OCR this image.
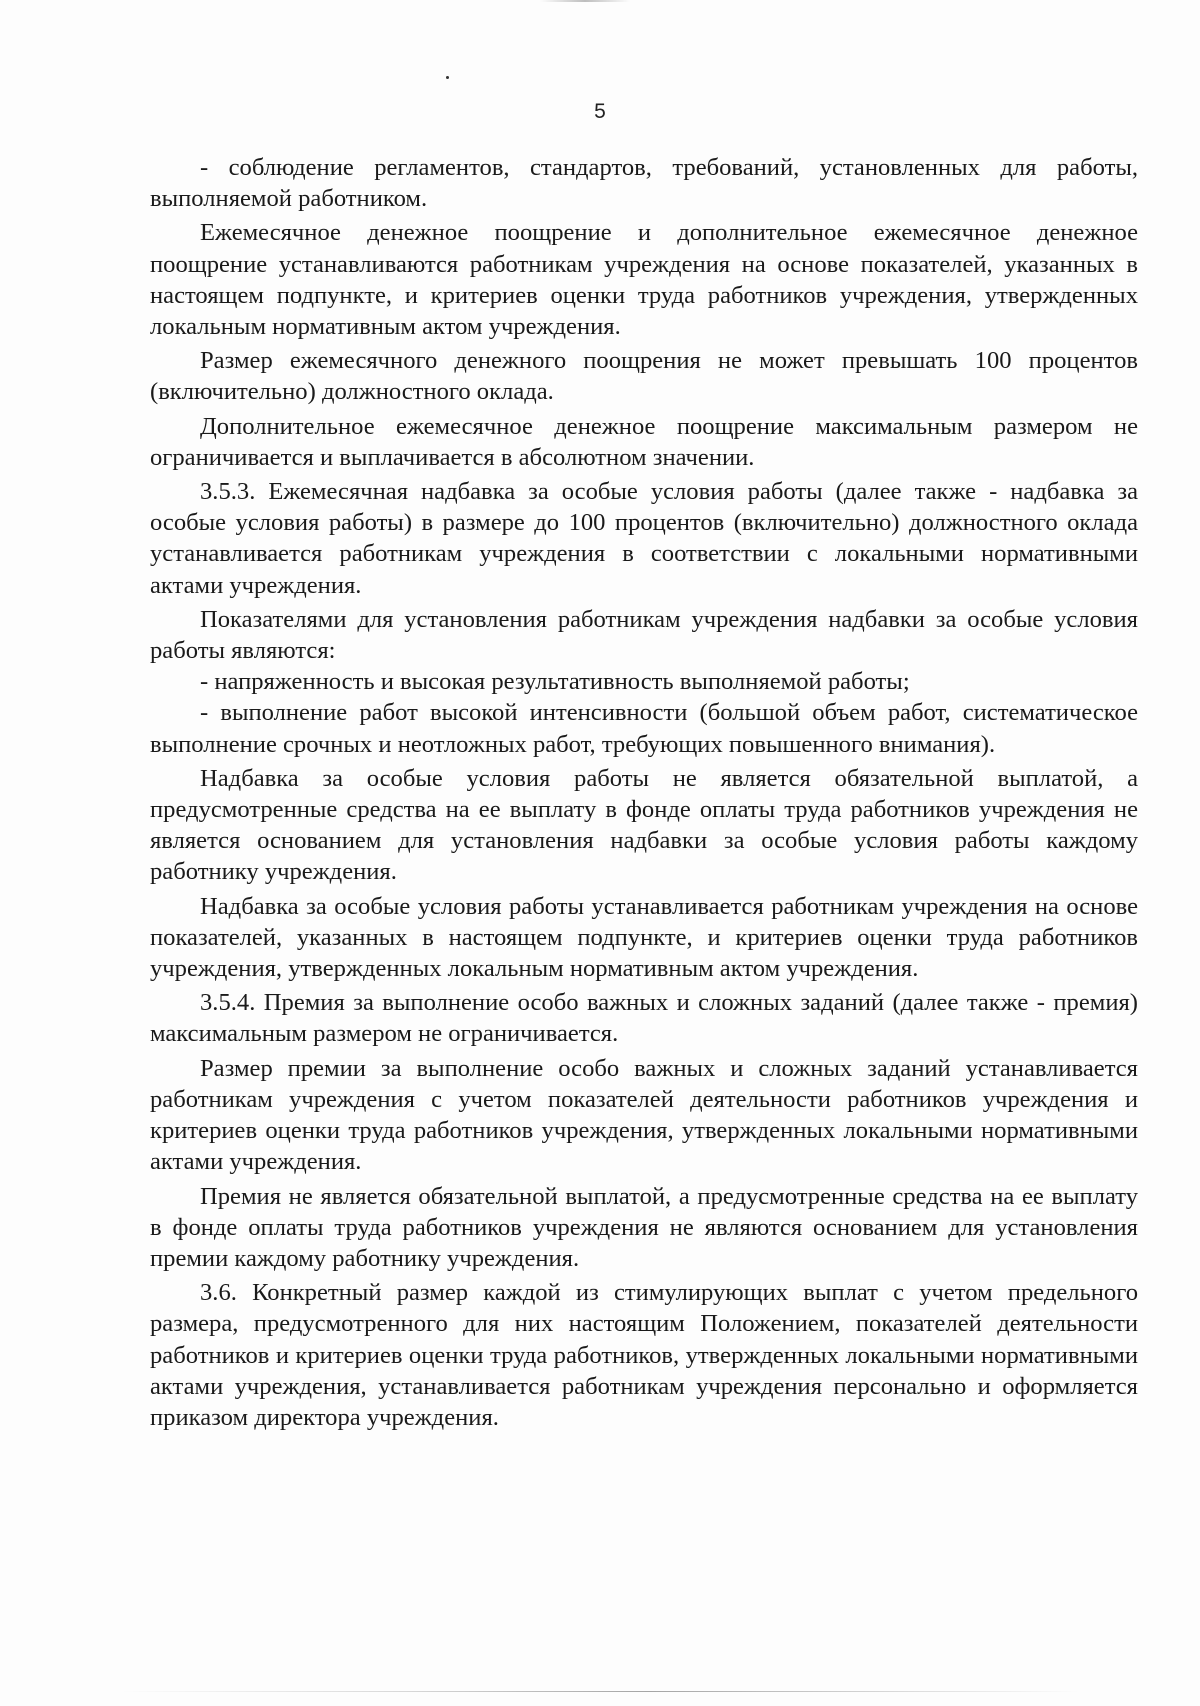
5

- соблюдение регламентов, стандартов, требований, установленных для работы, выполняемой работником.

Ежемесячное денежное поощрение и дополнительное ежемесячное денежное поощрение устанавливаются работникам учреждения на основе показателей, указанных в настоящем подпункте, и критериев оценки труда работников учреждения, утвержденных локальным нормативным актом учреждения.

Размер ежемесячного денежного поощрения не может превышать 100 процентов (включительно) должностного оклада.

Дополнительное ежемесячное денежное поощрение максимальным размером не ограничивается и выплачивается в абсолютном значении.

3.5.3. Ежемесячная надбавка за особые условия работы (далее также - надбавка за особые условия работы) в размере до 100 процентов (включительно) должностного оклада устанавливается работникам учреждения в соответствии с локальными нормативными актами учреждения.

Показателями для установления работникам учреждения надбавки за особые условия работы являются:

- напряженность и высокая результативность выполняемой работы;

- выполнение работ высокой интенсивности (большой объем работ, систематическое выполнение срочных и неотложных работ, требующих повышенного внимания).

Надбавка за особые условия работы не является обязательной выплатой, а предусмотренные средства на ее выплату в фонде оплаты труда работников учреждения не является основанием для установления надбавки за особые условия работы каждому работнику учреждения.

Надбавка за особые условия работы устанавливается работникам учреждения на основе показателей, указанных в настоящем подпункте, и критериев оценки труда работников учреждения, утвержденных локальным нормативным актом учреждения.

3.5.4. Премия за выполнение особо важных и сложных заданий (далее также - премия) максимальным размером не ограничивается.

Размер премии за выполнение особо важных и сложных заданий устанавливается работникам учреждения с учетом показателей деятельности работников учреждения и критериев оценки труда работников учреждения, утвержденных локальными нормативными актами учреждения.

Премия не является обязательной выплатой, а предусмотренные средства на ее выплату в фонде оплаты труда работников учреждения не являются основанием для установления премии каждому работнику учреждения.

3.6. Конкретный размер каждой из стимулирующих выплат с учетом предельного размера, предусмотренного для них настоящим Положением, показателей деятельности работников и критериев оценки труда работников, утвержденных локальными нормативными актами учреждения, устанавливается работникам учреждения персонально и оформляется приказом директора учреждения.
